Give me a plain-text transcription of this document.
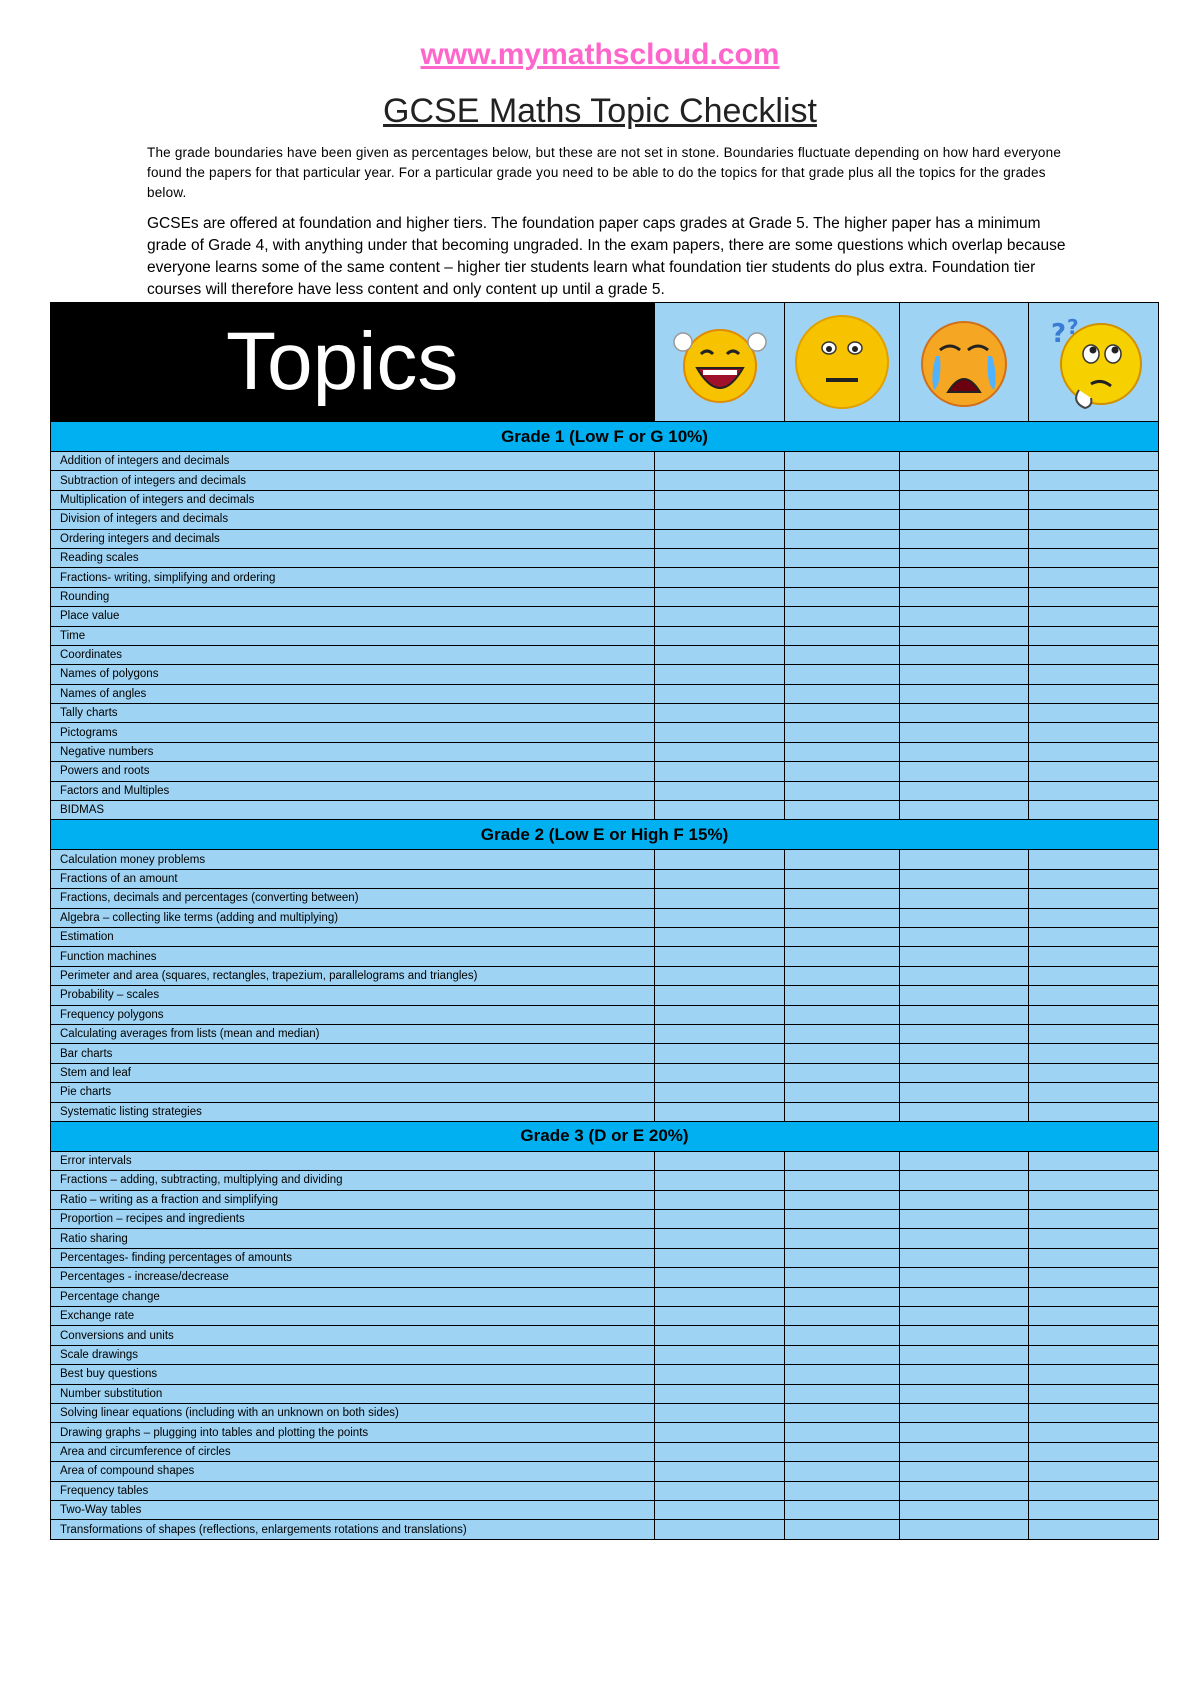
www.mymathscloud.com
GCSE Maths Topic Checklist
The grade boundaries have been given as percentages below, but these are not set in stone. Boundaries fluctuate depending on how hard everyone found the papers for that particular year. For a particular grade you need to be able to do the topics for that grade plus all the topics for the grades below.
GCSEs are offered at foundation and higher tiers. The foundation paper caps grades at Grade 5. The higher paper has a minimum grade of Grade 4, with anything under that becoming ungraded. In the exam papers, there are some questions which overlap because everyone learns some of the same content – higher tier students learn what foundation tier students do plus extra. Foundation tier courses will therefore have less content and only content up until a grade 5.
Topics				? ?

Grade 1 (Low F or G 10%)				
Addition of integers and decimals				
Subtraction of integers and decimals				
Multiplication of integers and decimals				
Division of integers and decimals				
Ordering integers and decimals				
Reading scales				
Fractions- writing, simplifying and ordering				
Rounding				
Place value				
Time				
Coordinates				
Names of polygons				
Names of angles				
Tally charts				
Pictograms				
Negative numbers				
Powers and roots				
Factors and Multiples				
BIDMAS				
Grade 2 (Low E or High F 15%)				
Calculation money problems				
Fractions of an amount				
Fractions, decimals and percentages (converting between)				
Algebra – collecting like terms (adding and multiplying)				
Estimation				
Function machines				
Perimeter and area (squares, rectangles, trapezium, parallelograms and triangles)				
Probability – scales				
Frequency polygons				
Calculating averages from lists (mean and median)				
Bar charts				
Stem and leaf				
Pie charts				
Systematic listing strategies				
Grade 3 (D or E 20%)				
Error intervals				
Fractions – adding, subtracting, multiplying and dividing				
Ratio – writing as a fraction and simplifying				
Proportion – recipes and ingredients				
Ratio sharing				
Percentages- finding percentages of amounts				
Percentages - increase/decrease				
Percentage change				
Exchange rate				
Conversions and units				
Scale drawings				
Best buy questions				
Number substitution				
Solving linear equations (including with an unknown on both sides)				
Drawing graphs – plugging into tables and plotting the points				
Area and circumference of circles				
Area of compound shapes				
Frequency tables				
Two-Way tables				
Transformations of shapes (reflections, enlargements rotations and translations)				
